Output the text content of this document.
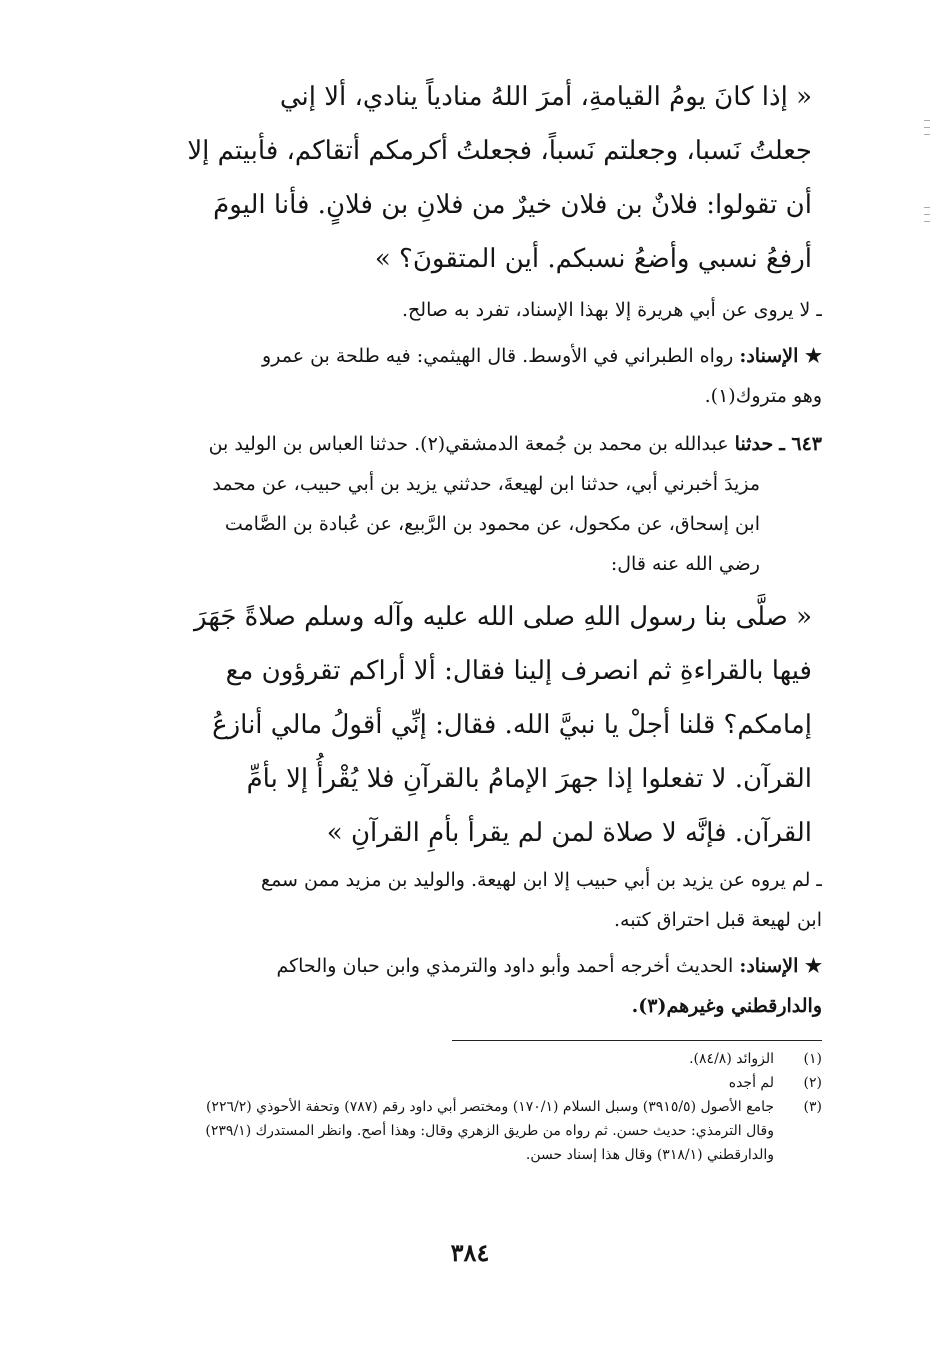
« إذا كانَ يومُ القيامةِ، أمرَ اللهُ منادياً ينادي، ألا إني
جعلتُ نَسبا، وجعلتم نَسباً، فجعلتُ أكرمكم أتقاكم، فأبيتم إلا
أن تقولوا: فلانٌ بن فلان خيرٌ من فلانِ بن فلانٍ. فأنا اليومَ
أرفعُ نسبي وأضعُ نسبكم. أين المتقونَ؟ »
ـ لا يروى عن أبي هريرة إلا بهذا الإسناد، تفرد به صالح.
★ الإسناد: رواه الطبراني في الأوسط. قال الهيثمي: فيه طلحة بن عمرو
وهو متروك(١).
٦٤٣ ـحدثنا عبدالله بن محمد بن جُمعة الدمشقي(٢). حدثنا العباس بن الوليد بن
مزيدَ أخبرني أبي، حدثنا ابن لهيعةَ، حدثني يزيد بن أبي حبيب، عن محمد
ابن إسحاق، عن مكحول، عن محمود بن الرَّبيع، عن عُبادة بن الصَّامت
رضي الله عنه قال:
« صلَّى بنا رسول اللهِ صلى الله عليه وآله وسلم صلاةً جَهَرَ
فيها بالقراءةِ ثم انصرف إلينا فقال: ألا أراكم تقرؤون مع
إمامكم؟ قلنا أجلْ يا نبيَّ الله. فقال: إنِّي أقولُ مالي أنازعُ
القرآن. لا تفعلوا إذا جهرَ الإمامُ بالقرآنِ فلا يُقْرأُ إلا بأمِّ
القرآن. فإنَّه لا صلاة لمن لم يقرأ بأمِ القرآنِ »
ـ لم يروه عن يزيد بن أبي حبيب إلا ابن لهيعة. والوليد بن مزيد ممن سمع
ابن لهيعة قبل احتراق كتبه.
★ الإسناد: الحديث أخرجه أحمد وأبو داود والترمذي وابن حبان والحاكم
والدارقطني وغيرهم(٣).
(١)الزوائد (٨٤/٨).
(٢)لم أجده
(٣)جامع الأصول (٣٩١٥/٥) وسبل السلام (١٧٠/١) ومختصر أبي داود رقم (٧٨٧) وتحفة الأحوذي (٢٢٦/٢)
وقال الترمذي: حديث حسن. ثم رواه من طريق الزهري وقال: وهذا أصح. وانظر المستدرك (٢٣٩/١)
والدارقطني (٣١٨/١) وقال هذا إسناد حسن.
٣٨٤
